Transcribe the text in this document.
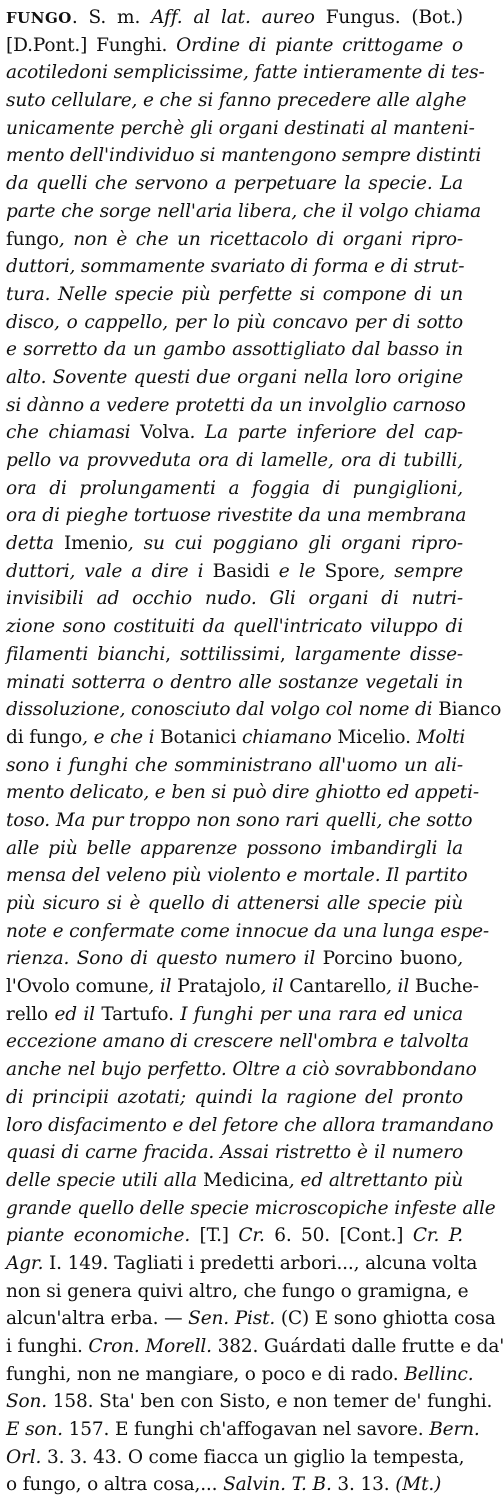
FUNGO. S. m. Aff. al lat. aureo Fungus. (Bot.)
[D.Pont.] Funghi. Ordine di piante crittogame o
acotiledoni semplicissime, fatte intieramente di tes-
suto cellulare, e che si fanno precedere alle alghe
unicamente perchè gli organi destinati al manteni-
mento dell'individuo si mantengono sempre distinti
da quelli che servono a perpetuare la specie. La
parte che sorge nell'aria libera, che il volgo chiama
fungo, non è che un ricettacolo di organi ripro-
duttori, sommamente svariato di forma e di strut-
tura. Nelle specie più perfette si compone di un
disco, o cappello, per lo più concavo per di sotto
e sorretto da un gambo assottigliato dal basso in
alto. Sovente questi due organi nella loro origine
si dànno a vedere protetti da un involglio carnoso
che chiamasi Volva. La parte inferiore del cap-
pello va provveduta ora di lamelle, ora di tubilli,
ora di prolungamenti a foggia di pungiglioni,
ora di pieghe tortuose rivestite da una membrana
detta Imenio, su cui poggiano gli organi ripro-
duttori, vale a dire i Basidi e le Spore, sempre
invisibili ad occhio nudo. Gli organi di nutri-
zione sono costituiti da quell'intricato viluppo di
filamenti bianchi, sottilissimi, largamente disse-
minati sotterra o dentro alle sostanze vegetali in
dissoluzione, conosciuto dal volgo col nome di Bianco
di fungo, e che i Botanici chiamano Micelio. Molti
sono i funghi che somministrano all'uomo un ali-
mento delicato, e ben si può dire ghiotto ed appeti-
toso. Ma pur troppo non sono rari quelli, che sotto
alle più belle apparenze possono imbandirgli la
mensa del veleno più violento e mortale. Il partito
più sicuro si è quello di attenersi alle specie più
note e confermate come innocue da una lunga espe-
rienza. Sono di questo numero il Porcino buono,
l'Ovolo comune, il Pratajolo, il Cantarello, il Buche-
rello ed il Tartufo. I funghi per una rara ed unica
eccezione amano di crescere nell'ombra e talvolta
anche nel bujo perfetto. Oltre a ciò sovrabbondano
di principii azotati; quindi la ragione del pronto
loro disfacimento e del fetore che allora tramandano
quasi di carne fracida. Assai ristretto è il numero
delle specie utili alla Medicina, ed altrettanto più
grande quello delle specie microscopiche infeste alle
piante economiche. [T.] Cr. 6. 50. [Cont.] Cr. P.
Agr. I. 149. Tagliati i predetti arbori..., alcuna volta
non si genera quivi altro, che fungo o gramigna, e
alcun'altra erba. — Sen. Pist. (C) E sono ghiotta cosa
i funghi. Cron. Morell. 382. Guárdati dalle frutte e da'
funghi, non ne mangiare, o poco e di rado. Bellinc.
Son. 158. Sta' ben con Sisto, e non temer de' funghi.
E son. 157. E funghi ch'affogavan nel savore. Bern.
Orl. 3. 3. 43. O come fiacca un giglio la tempesta,
o fungo, o altra cosa,... Salvin. T. B. 3. 13. (Mt.)
